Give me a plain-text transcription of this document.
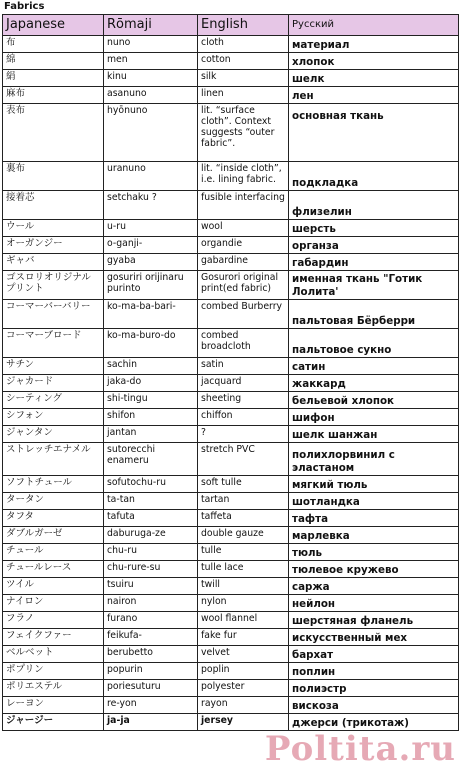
Fabrics
Japanese	Rōmaji	English	Русский
布	nuno	cloth	материал
綿	men	cotton	хлопок
絹	kinu	silk	шелк
麻布	asanuno	linen	лен
表布	hyōnuno	lit. “surface cloth”. Context suggests “outer fabric”.	основная ткань
裏布	uranuno	lit. “inside cloth”, i.e. lining fabric.	подкладка
接着芯	setchaku ?	fusible interfacing	флизелин
ウール	u-ru	wool	шерсть
オーガンジー	o-ganji-	organdie	органза
ギャバ	gyaba	gabardine	габардин
ゴスロリオリジナルプリント	gosuriri orijinaru purinto	Gosurori original print(ed fabric)	именная ткань "Готик Лолита'
コーマーバーバリー	ko-ma-ba-bari-	combed Burberry	пальтовая Бёрберри
コーマーブロード	ko-ma-buro-do	combed broadcloth	пальтовое сукно
サチン	sachin	satin	сатин
ジャカード	jaka-do	jacquard	жаккард
シーティング	shi-tingu	sheeting	бельевой хлопок
シフォン	shifon	chiffon	шифон
ジャンタン	jantan	?	шелк шанжан
ストレッチエナメル	sutorecchi enameru	stretch PVC	полихлорвинил с эластаном
ソフトチュール	sofutochu-ru	soft tulle	мягкий тюль
タータン	ta-tan	tartan	шотландка
タフタ	tafuta	taffeta	тафта
ダブルガーゼ	daburuga-ze	double gauze	марлевка
チュール	chu-ru	tulle	тюль
チュールレース	chu-rure-su	tulle lace	тюлевое кружево
ツイル	tsuiru	twill	саржа
ナイロン	nairon	nylon	нейлон
フラノ	furano	wool flannel	шерстяная фланель
フェイクファー	feikufa-	fake fur	искусственный мех
ベルベット	berubetto	velvet	бархат
ポプリン	popurin	poplin	поплин
ポリエステル	poriesuturu	polyester	полиэстр
レーヨン	re-yon	rayon	вискоза
ジャージー	ja-ja	jersey	джерси (трикотаж)
Poltita.ru
